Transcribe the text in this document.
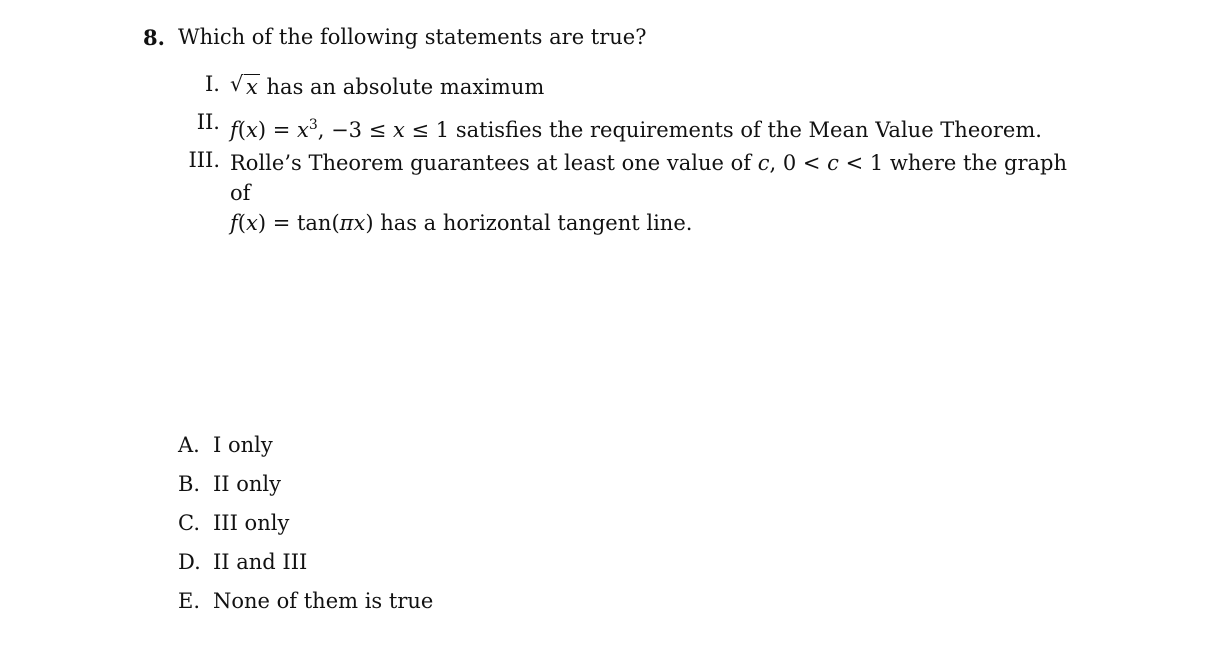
8. Which of the following statements are true?
I.√ x has an absolute maximum
II. $f(x) = x^3$, −3 ≤ x ≤ 1 satisfies the requirements of the Mean Value Theorem.
III. Rolle’s Theorem guarantees at least one value of c, 0 < c < 1 where the graph of
f(x) = tan(πx) has a horizontal tangent line.
A. I only
B. II only
C. III only
D. II and III
E. None of them is true
